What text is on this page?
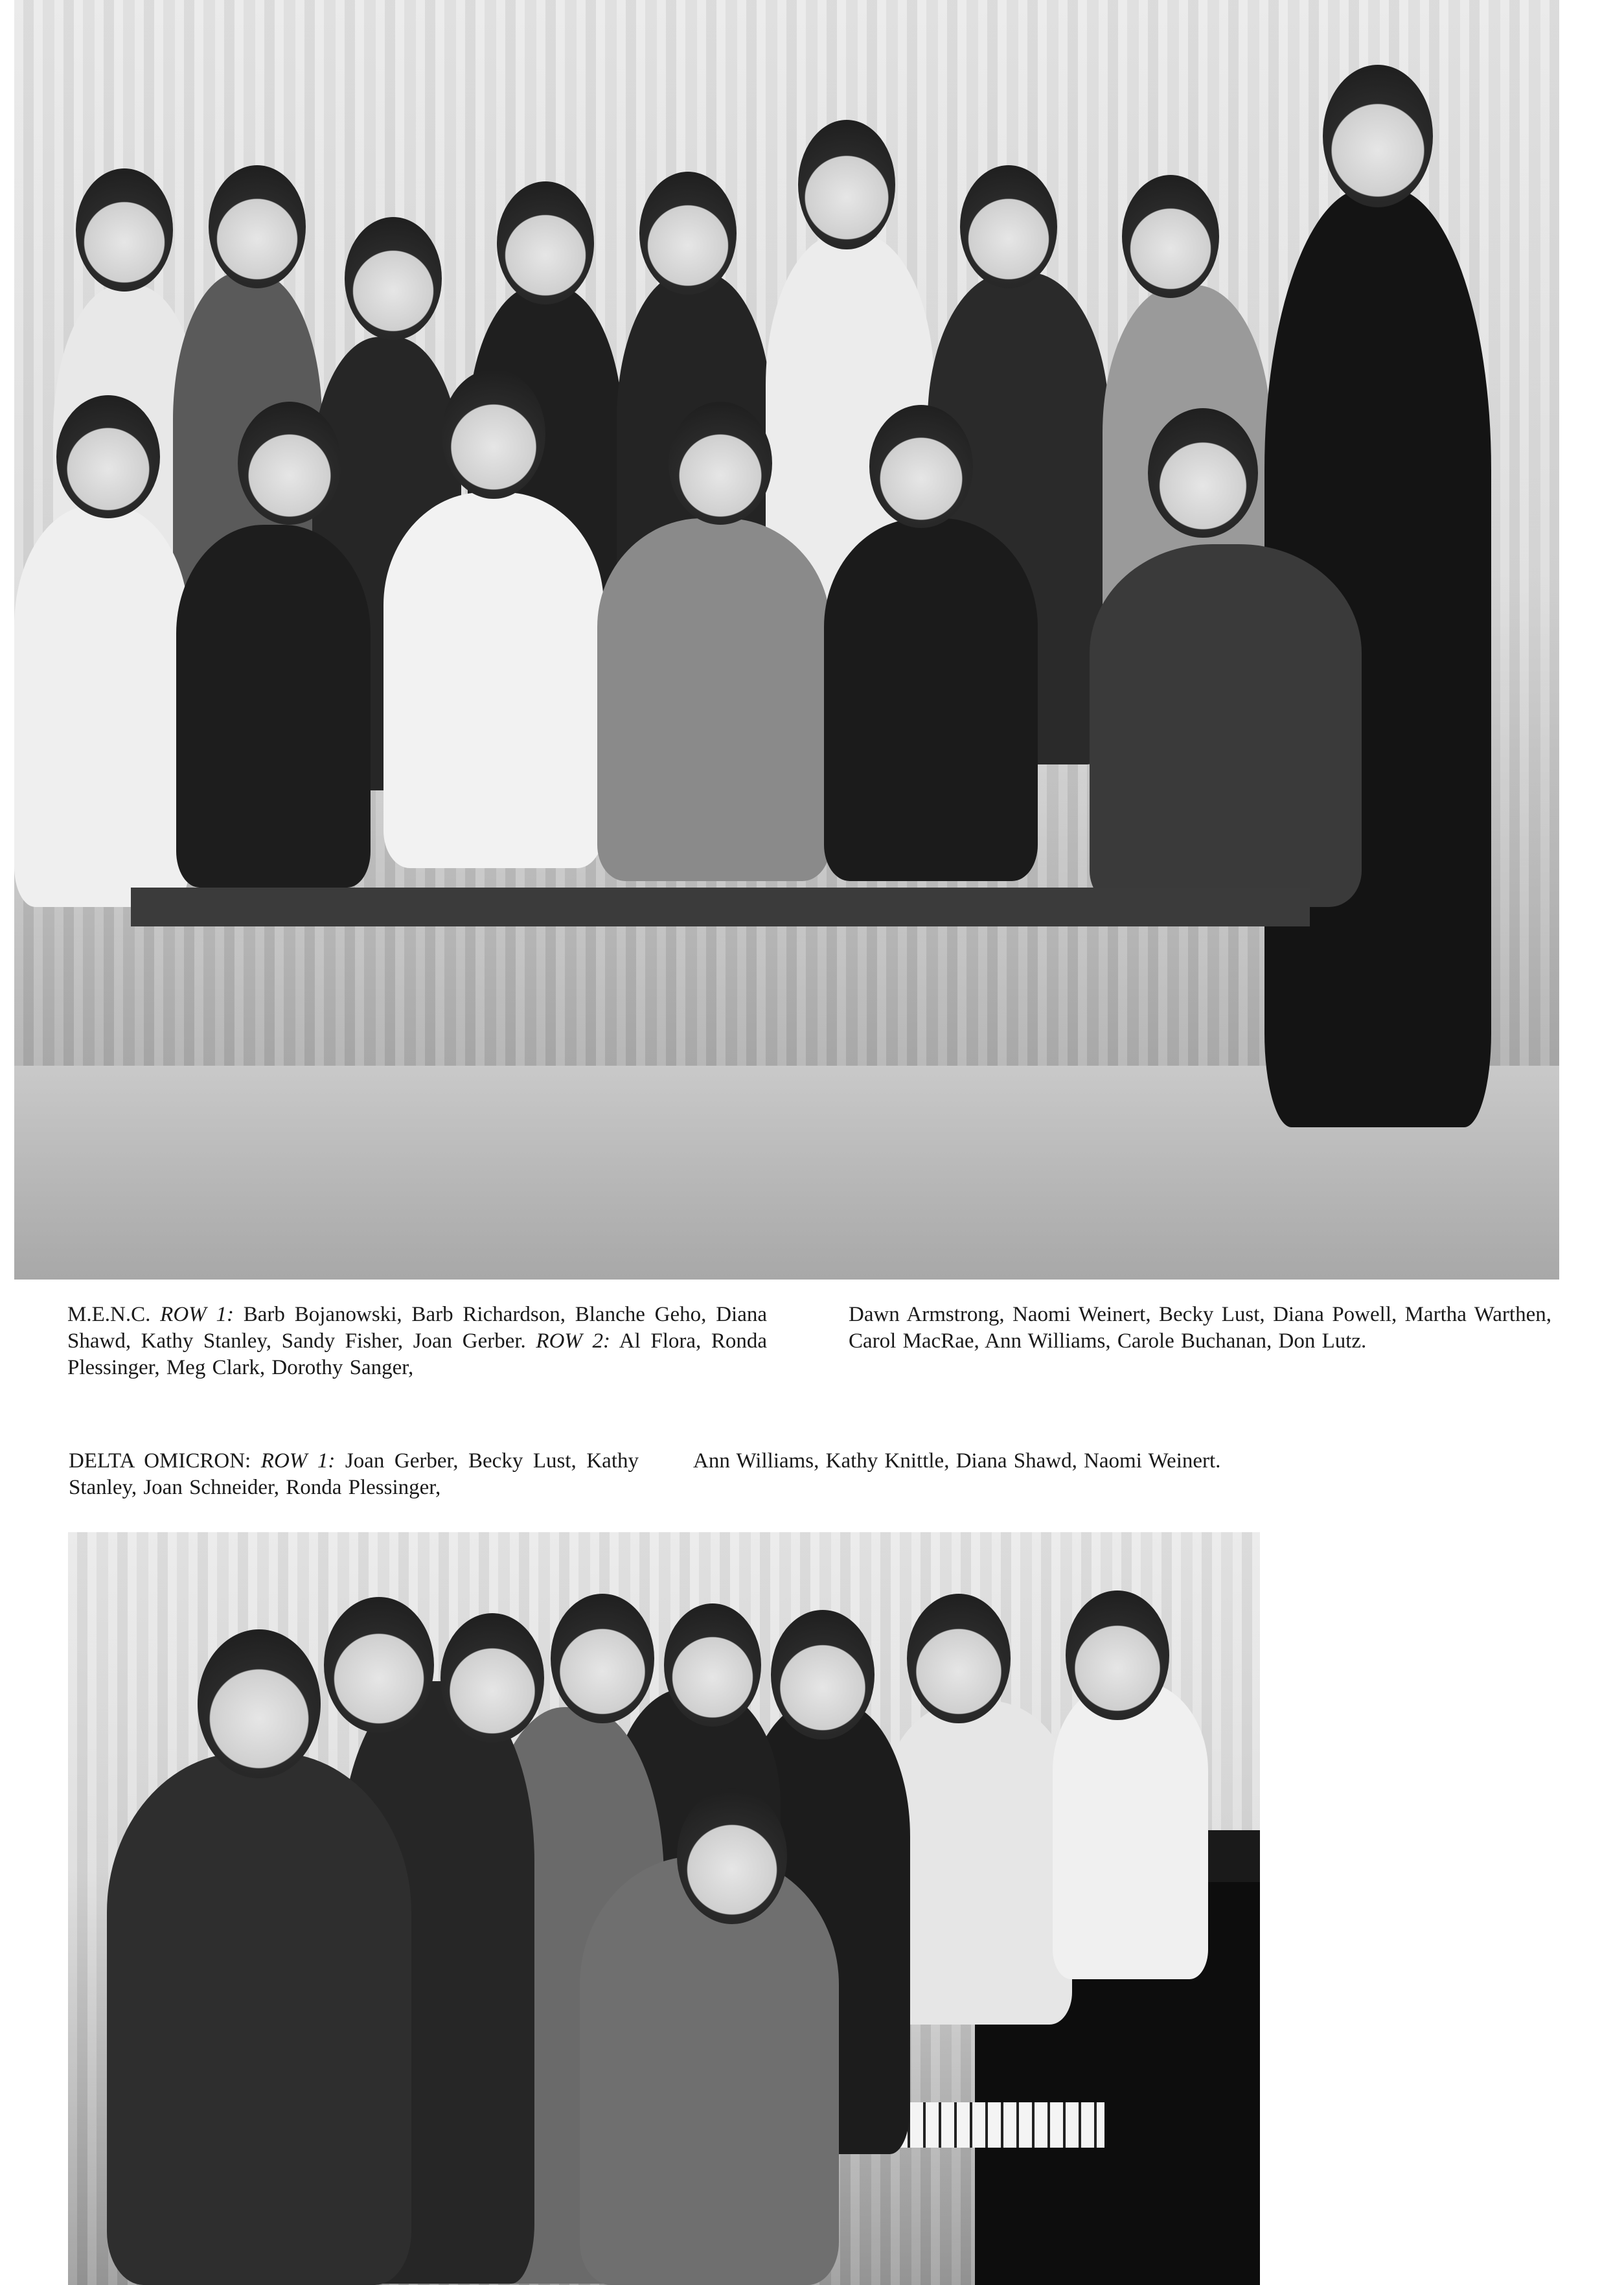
M.E.N.C. ROW 1: Barb Bojanowski, Barb Richardson, Blanche Geho, Diana Shawd, Kathy Stanley, Sandy Fisher, Joan Gerber. ROW 2: Al Flora, Ronda Plessinger, Meg Clark, Dorothy Sanger,
Dawn Armstrong, Naomi Weinert, Becky Lust, Diana Powell, Martha Warthen, Carol MacRae, Ann Williams, Carole Buchanan, Don Lutz.
DELTA OMICRON: ROW 1: Joan Gerber, Becky Lust, Kathy Stanley, Joan Schneider, Ronda Plessinger,
Ann Williams, Kathy Knittle, Diana Shawd, Naomi Weinert.
